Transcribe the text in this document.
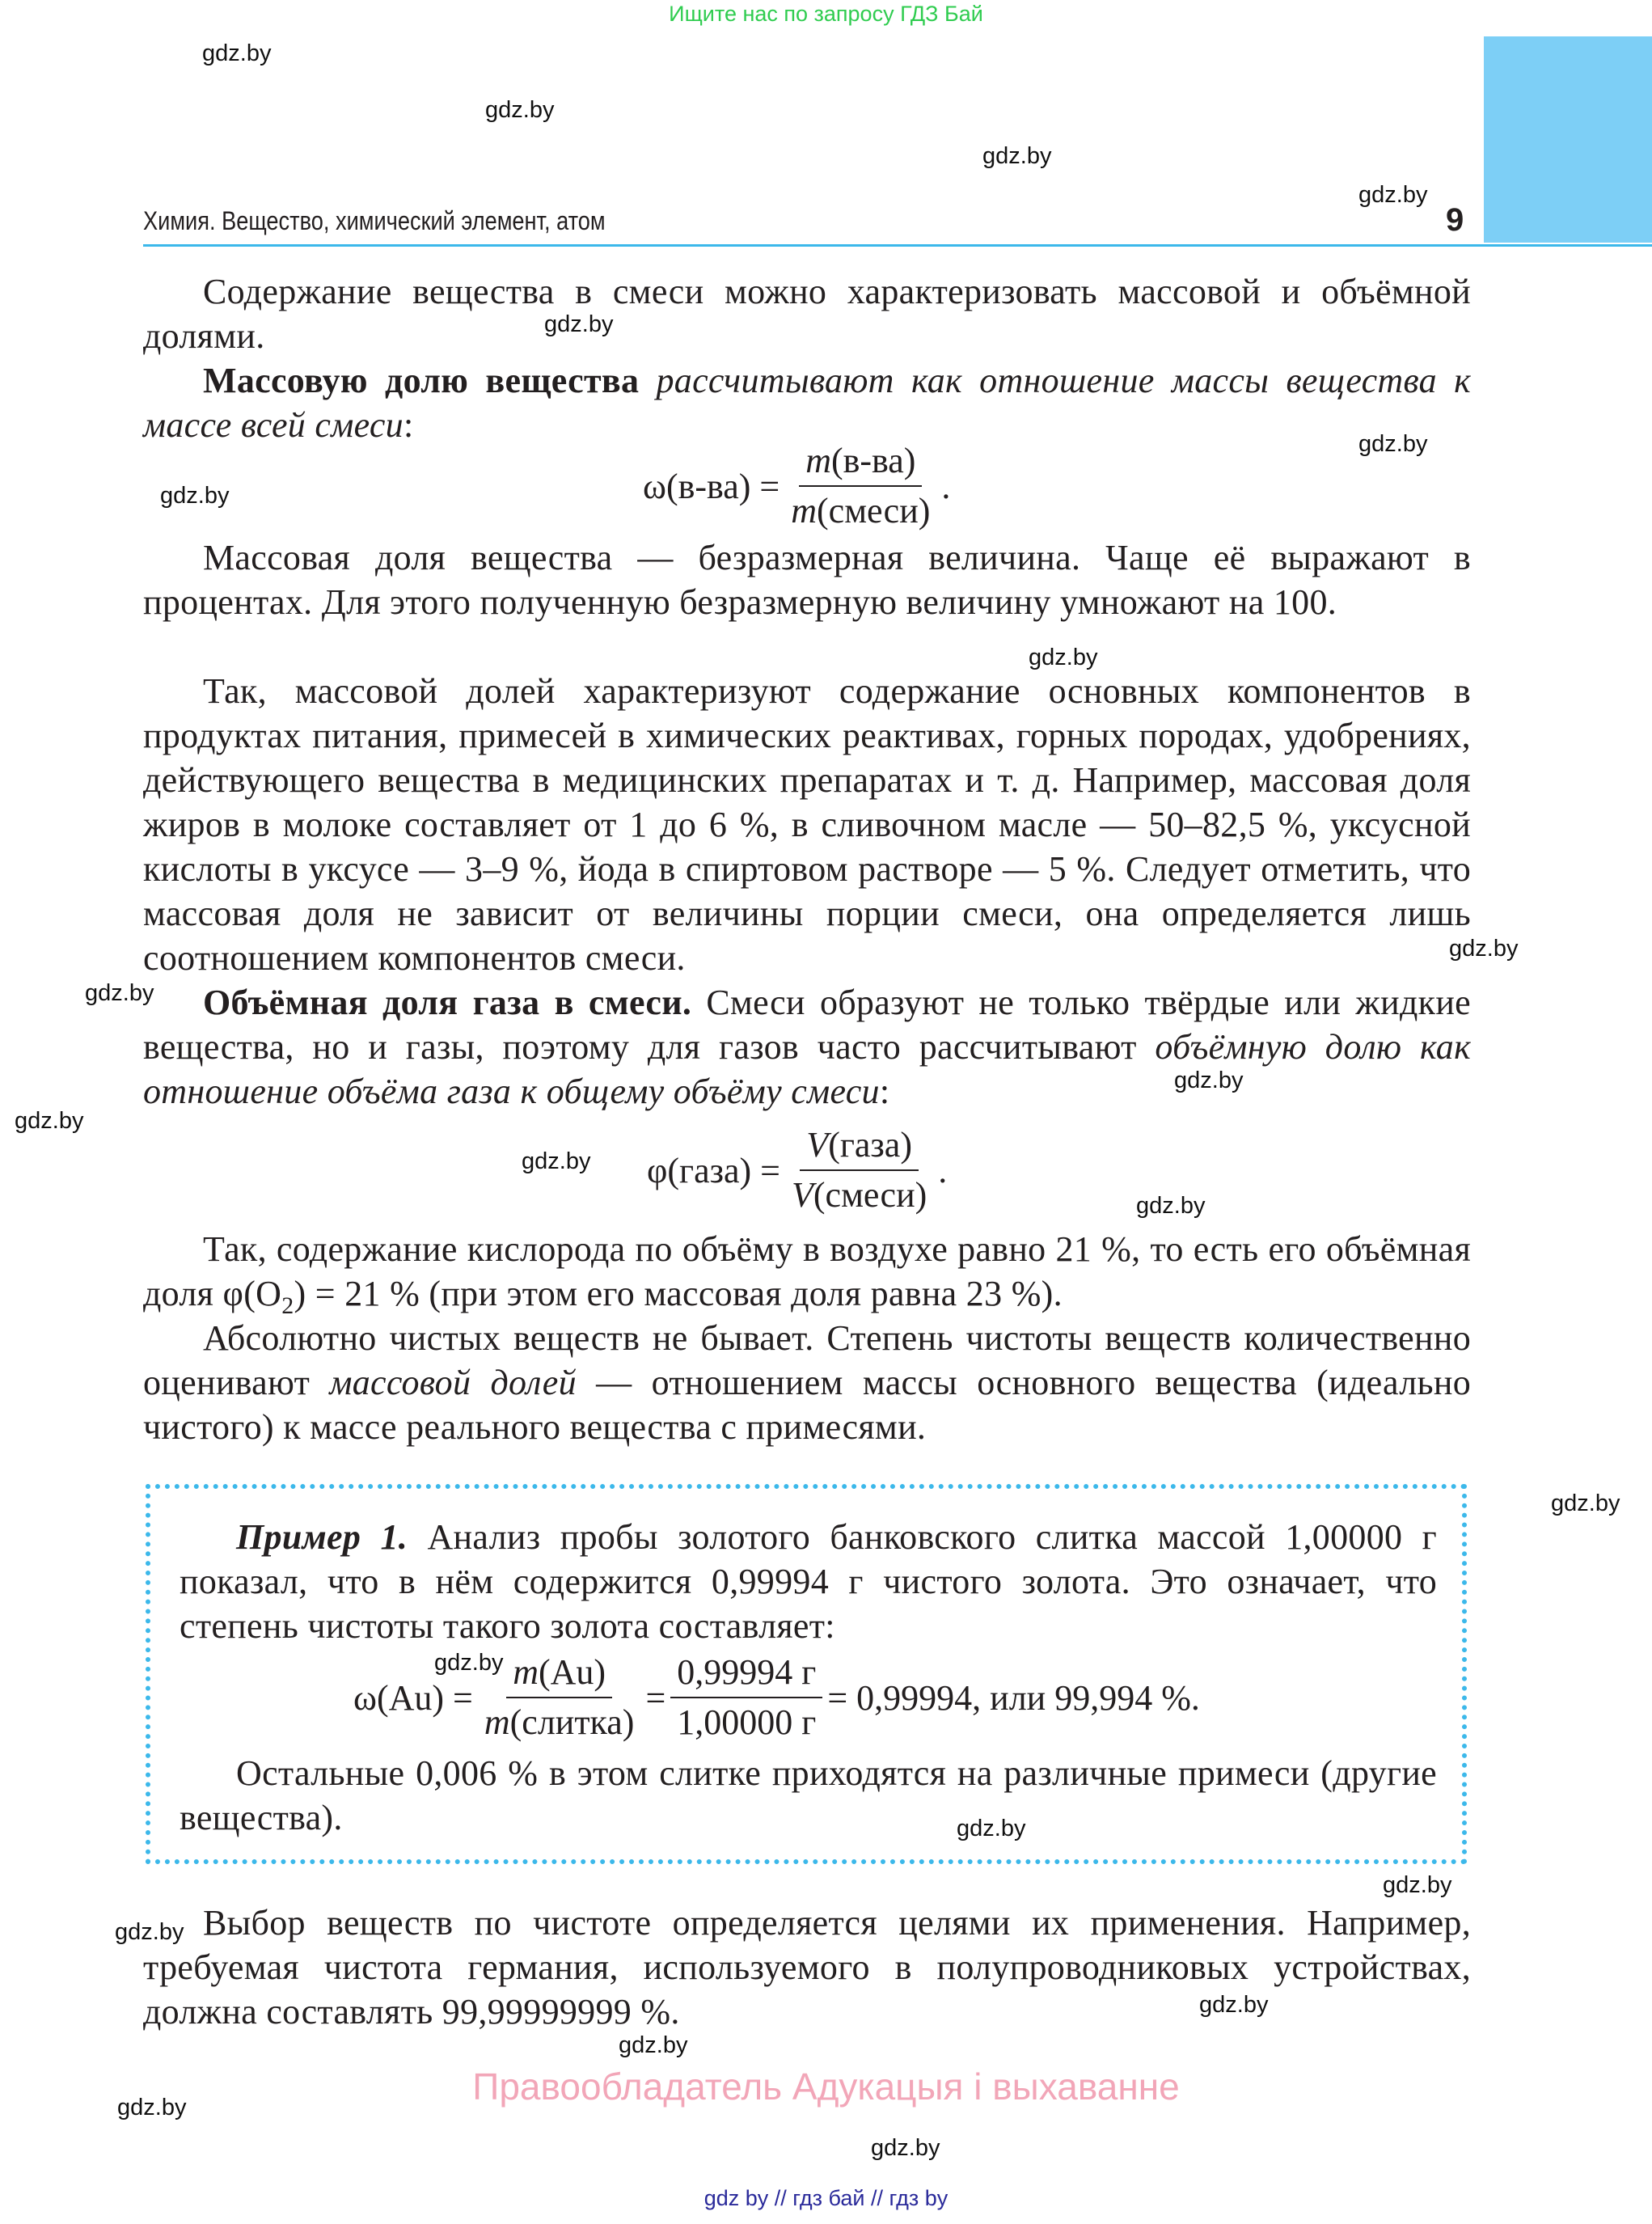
Ищите нас по запросу ГДЗ Бай
gdz.by
gdz.by
gdz.by
gdz.by
gdz.by
gdz.by
gdz.by
gdz.by
gdz.by
gdz.by
gdz.by
gdz.by
gdz.by
gdz.by
gdz.by
gdz.by
gdz.by
gdz.by
gdz.by
gdz.by
gdz.by
gdz.by
gdz.by
Химия. Вещество, химический элемент, атом	9

Содержание вещества в смеси можно характеризовать массовой и объёмной долями.

Массовую долю вещества рассчитывают как отношение массы вещества к массе всей смеси:

$\omega(в-ва) = \frac{m(в-ва)}{\text{m(смеси)}}$ .

Массовая доля вещества — безразмерная величина. Чаще её выражают в процентах. Для этого полученную безразмерную величину умножают на 100.

Так, массовой долей характеризуют содержание основных компонентов в продуктах питания, примесей в химических реактивах, горных породах, удобрениях, действующего вещества в медицинских препаратах и т. д. Например, массовая доля жиров в молоке составляет от 1 до 6 %, в сливочном масле — 50–82,5 %, уксусной кислоты в уксусе — 3–9 %, йода в спиртовом растворе — 5 %. Следует отметить, что массовая доля не зависит от величины порции смеси, она определяется лишь соотношением компонентов смеси.

Объёмная доля газа в смеси. Смеси образуют не только твёрдые или жидкие вещества, но и газы, поэтому для газов часто рассчитывают объёмную долю как отношение объёма газа к общему объёму смеси:

φ(газа) = $\frac{\text{V(газа)}}{\text{V(смеси)}}$ .

Так, содержание кислорода по объёму в воздухе равно 21 %, то есть его объёмная доля $\varphi(O_2) = 21$ % (при этом его массовая доля равна 23 %).

Абсолютно чистых веществ не бывает. Степень чистоты веществ количественно оценивают массовой долей — отношением массы основного вещества (идеально чистого) к массе реального вещества с примесями.

Пример 1. Анализ пробы золотого банковского слитка массой 1,00000 г показал, что в нём содержится 0,99994 г чистого золота. Это означает, что степень чистоты такого золота составляет:

$\omega(Au) = \frac{m(Au)}{\text{m(слитка)}} = \frac{0,99994 г}{1,00000 г} = 0,99994$, или 99,994 %.

Остальные 0,006 % в этом слитке приходятся на различные примеси (другие вещества).

Выбор веществ по чистоте определяется целями их применения. Например, требуемая чистота германия, используемого в полупроводниковых устройствах, должна составлять 99,99999999 %.

Правообладатель Адукацыя і выхаванне
gdz by // гдз бай // гдз by
